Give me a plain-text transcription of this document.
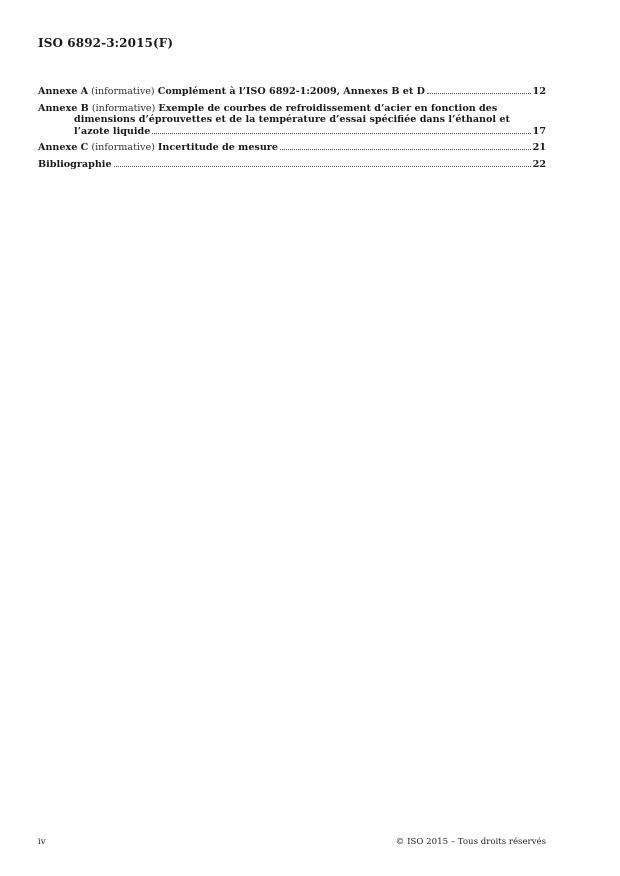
ISO 6892-3:2015(F)
Annexe A (informative) Complément à l’ISO 6892-1:2009, Annexes B et D	12
Annexe B (informative) Exemple de courbes de refroidissement d’acier en fonction des
dimensions d’éprouvettes et de la température d’essai spécifiée dans l’éthanol et
l’azote liquide	17
Annexe C (informative) Incertitude de mesure	21
Bibliographie	22
iv	© ISO 2015 – Tous droits réservés
